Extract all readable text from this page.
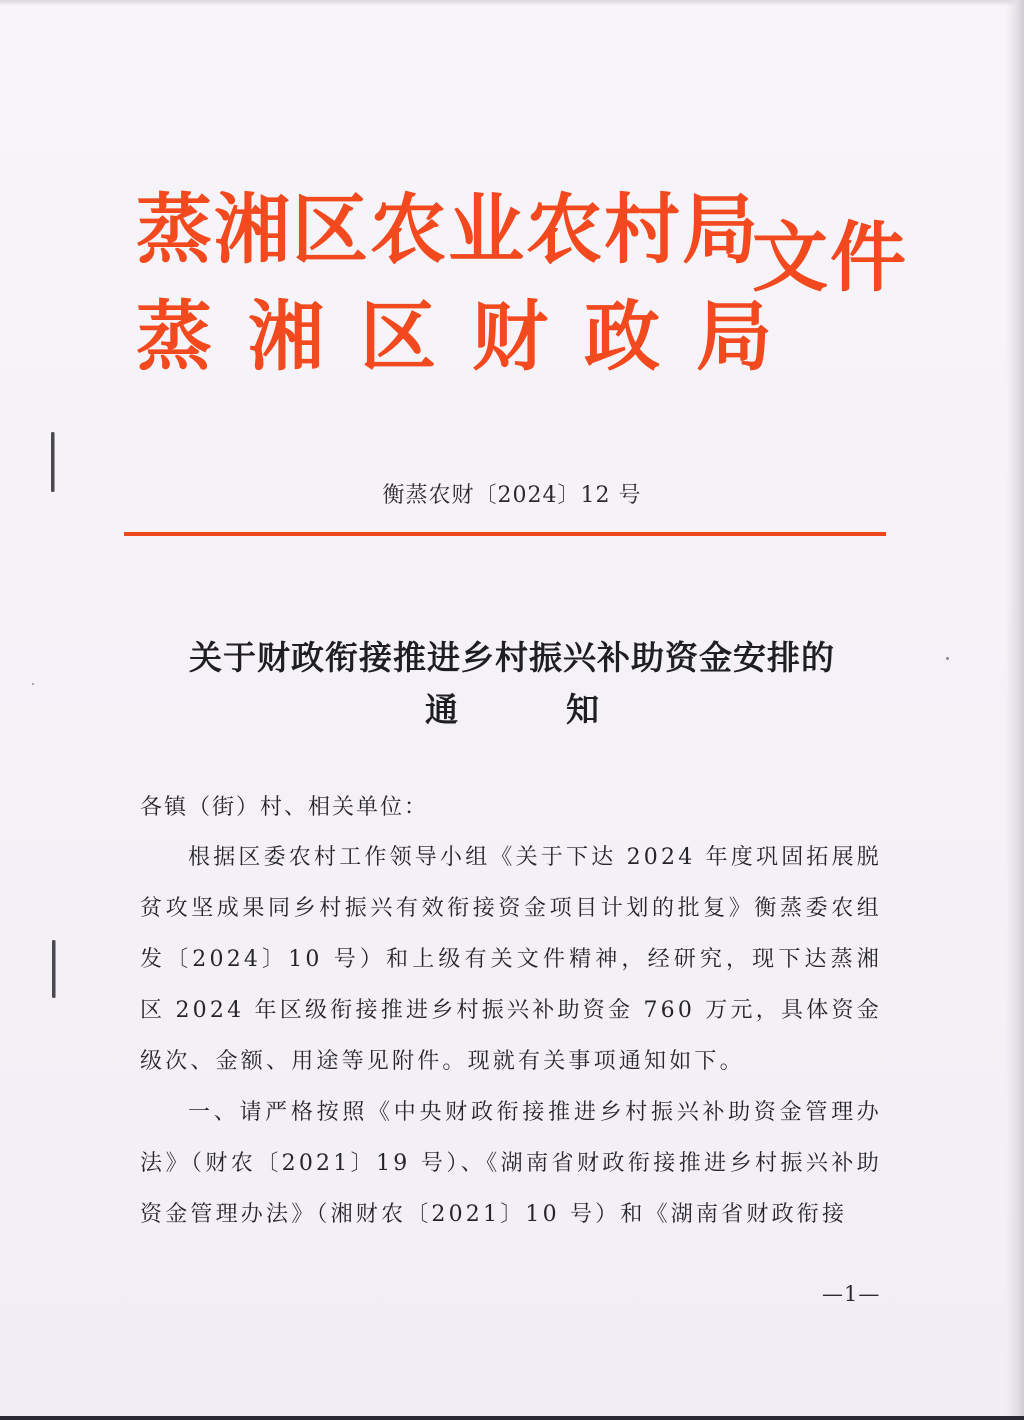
蒸湘区农业农村局
蒸湘区财政局
文件
衡蒸农财〔2024〕12 号
关于财政衔接推进乡村振兴补助资金安排的
通知
各镇（街）村、相关单位：
根据区委农村工作领导小组《关于下达 2024 年度巩固拓展脱贫攻坚成果同乡村振兴有效衔接资金项目计划的批复》衡蒸委农组发〔2024〕10 号）和上级有关文件精神，经研究，现下达蒸湘区 2024 年区级衔接推进乡村振兴补助资金 760 万元，具体资金级次、金额、用途等见附件。现就有关事项通知如下。
一、请严格按照《中央财政衔接推进乡村振兴补助资金管理办法》（财农〔2021〕19 号）、《湖南省财政衔接推进乡村振兴补助资金管理办法》（湘财农〔2021〕10 号）和《湖南省财政衔接
—1—
